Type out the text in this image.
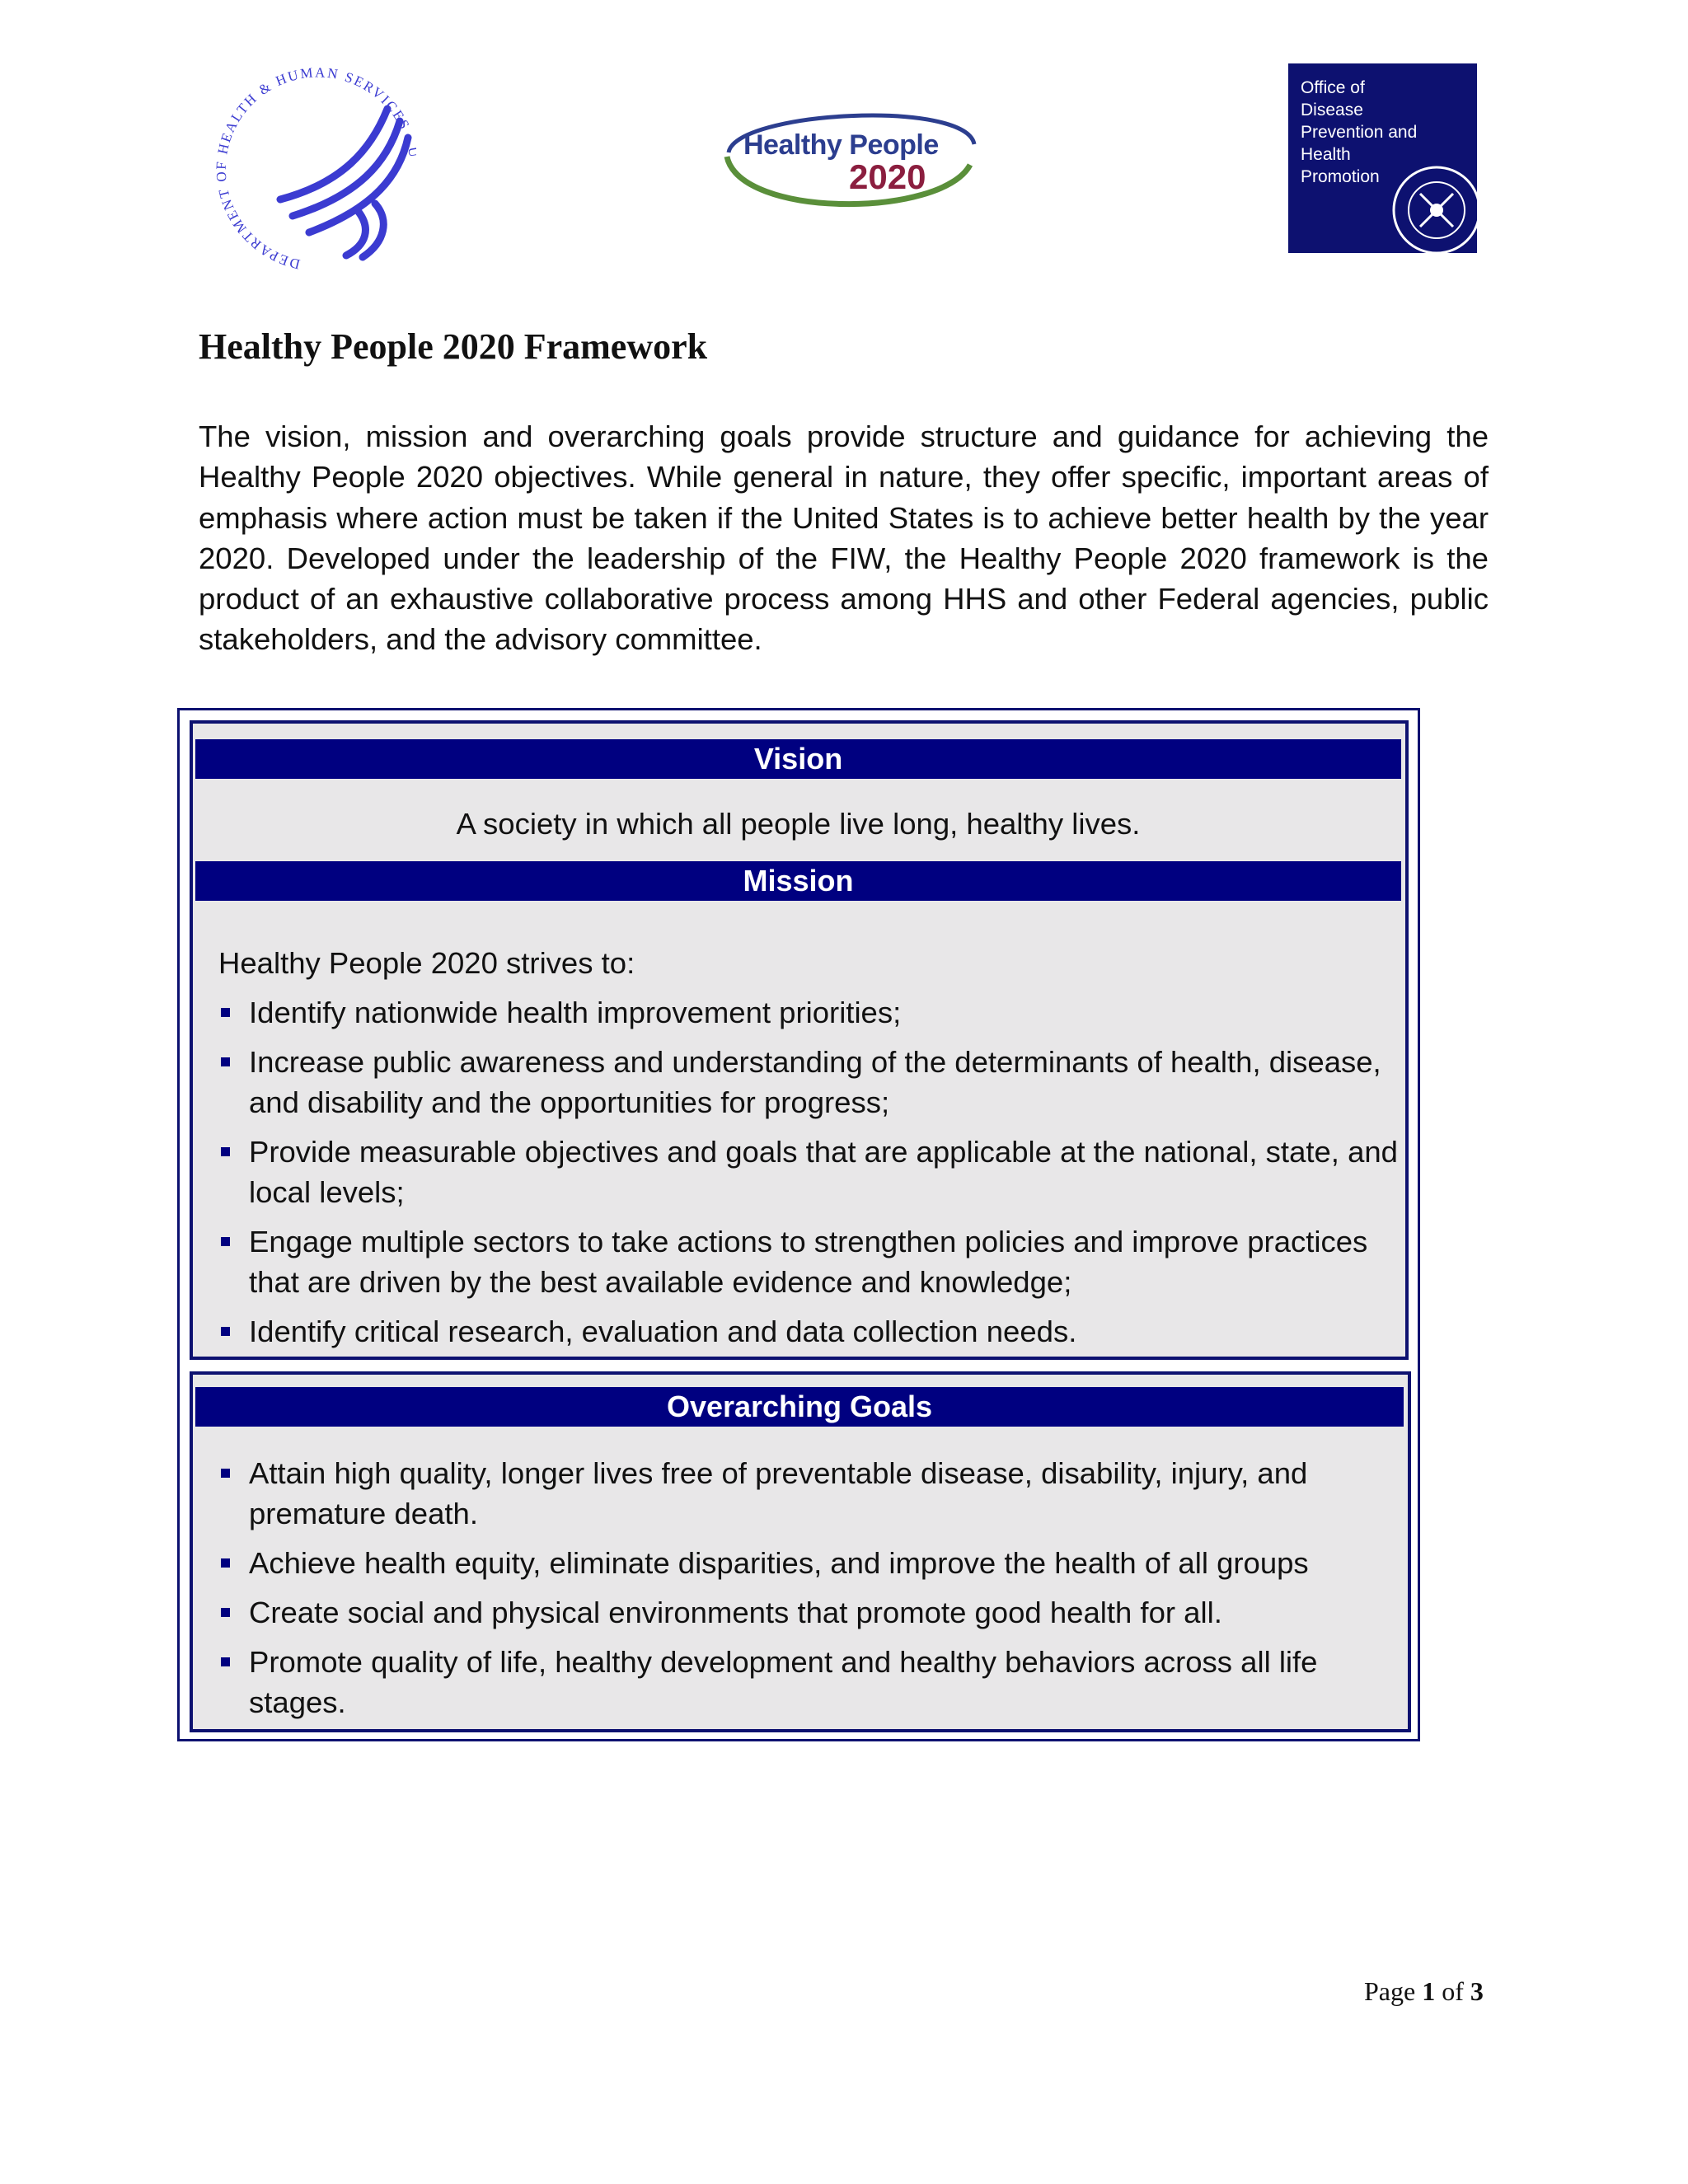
DEPARTMENT OF HEALTH & HUMAN SERVICES
Healthy People
2020
Office of
Disease
Prevention and
Health
Promotion
Healthy People 2020 Framework

The vision, mission and overarching goals provide structure and guidance for achieving the Healthy People 2020 objectives. While general in nature, they offer specific, important areas of emphasis where action must be taken if the United States is to achieve better health by the year 2020. Developed under the leadership of the FIW, the Healthy People 2020 framework is the product of an exhaustive collaborative process among HHS and other Federal agencies, public stakeholders, and the advisory committee.

Vision
A society in which all people live long, healthy lives.
Mission
Healthy People 2020 strives to:
Identify nationwide health improvement priorities;
Increase public awareness and understanding of the determinants of health, disease, and disability and the opportunities for progress;
Provide measurable objectives and goals that are applicable at the national, state, and local levels;
Engage multiple sectors to take actions to strengthen policies and improve practices that are driven by the best available evidence and knowledge;
Identify critical research, evaluation and data collection needs.
Overarching Goals
Attain high quality, longer lives free of preventable disease, disability, injury, and premature death.
Achieve health equity, eliminate disparities, and improve the health of all groups
Create social and physical environments that promote good health for all.
Promote quality of life, healthy development and healthy behaviors across all life stages.
Page 1 of 3
